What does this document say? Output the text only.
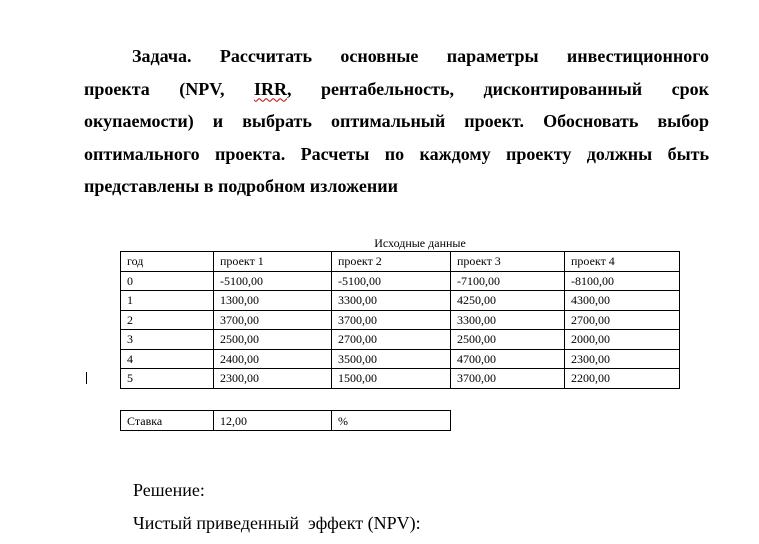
Задача. Рассчитать основные параметры инвестиционного
проекта (NPV, IRR, рентабельность, дисконтированный срок
окупаемости) и выбрать оптимальный проект. Обосновать выбор
оптимального проекта. Расчеты по каждому проекту должны быть
представлены в подробном изложении
Исходные данные
год	проект 1	проект 2	проект 3	проект 4
0	-5100,00	-5100,00	-7100,00	-8100,00
1	1300,00	3300,00	4250,00	4300,00
2	3700,00	3700,00	3300,00	2700,00
3	2500,00	2700,00	2500,00	2000,00
4	2400,00	3500,00	4700,00	2300,00
5	2300,00	1500,00	3700,00	2200,00
Ставка	12,00	%

Решение:

Чистый приведенный  эффект (NPV):
